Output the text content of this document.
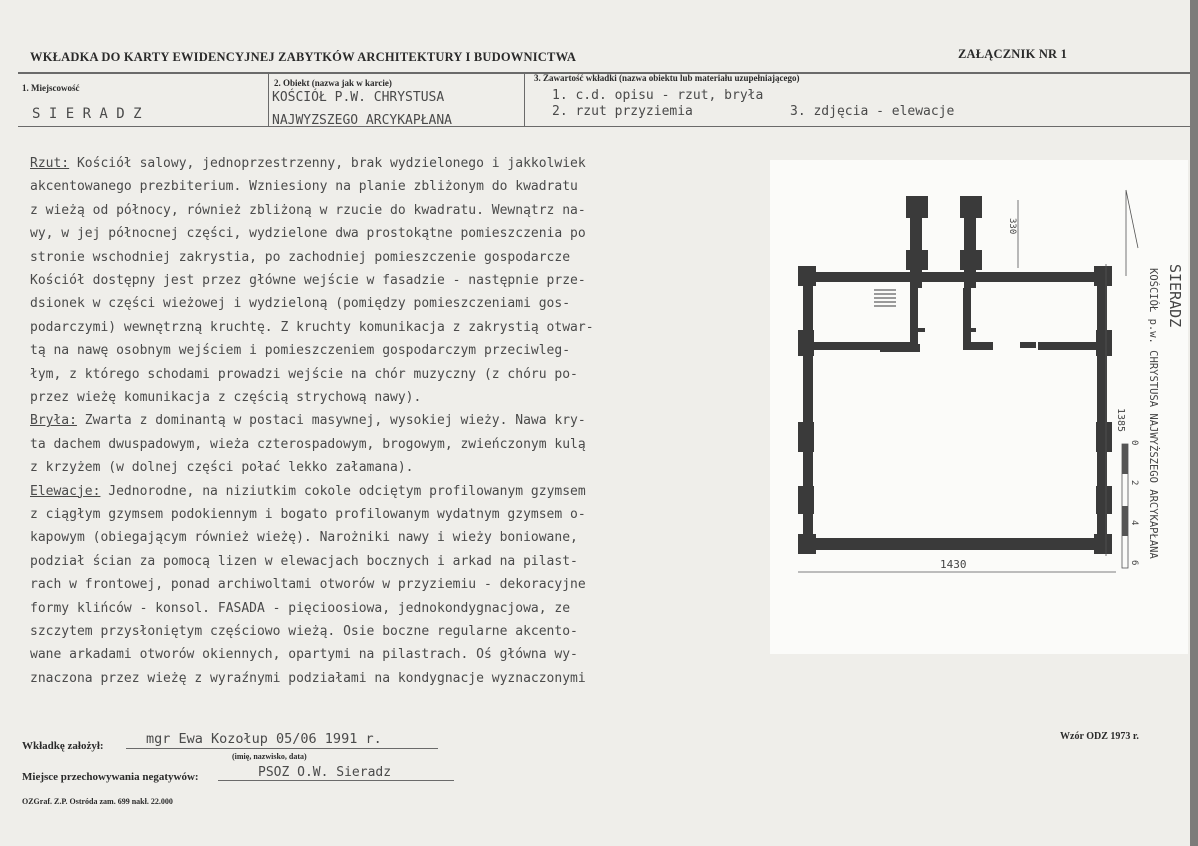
WKŁADKA DO KARTY EWIDENCYJNEJ ZABYTKÓW ARCHITEKTURY I BUDOWNICTWA	ZAŁĄCZNIK NR 1
1. Miejscowość
S I E R A D Z
2. Obiekt (nazwa jak w karcie)
KOŚCIÓŁ P.W. CHRYSTUSA
NAJWYŻSZEGO ARCYKAPŁANA
3. Zawartość wkładki (nazwa obiektu lub materiału uzupełniającego)
1. c.d. opisu - rzut, bryła
2. rzut przyziemia	3. zdjęcia - elewacje
Rzut: Kościół salowy, jednoprzestrzenny, brak wydzielonego i jakkolwiek
akcentowanego prezbiterium. Wzniesiony na planie zbliżonym do kwadratu
z wieżą od północy, również zbliżoną w rzucie do kwadratu. Wewnątrz na-
wy, w jej północnej części, wydzielone dwa prostokątne pomieszczenia po
stronie wschodniej zakrystia, po zachodniej pomieszczenie gospodarcze
Kościół dostępny jest przez główne wejście w fasadzie - następnie prze-
dsionek w części wieżowej i wydzieloną (pomiędzy pomieszczeniami gos-
podarczymi) wewnętrzną kruchtę. Z kruchty komunikacja z zakrystią otwar-
tą na nawę osobnym wejściem i pomieszczeniem gospodarczym przeciwleg-
łym, z którego schodami prowadzi wejście na chór muzyczny (z chóru po-
przez wieżę komunikacja z częścią strychową nawy).
Bryła: Zwarta z dominantą w postaci masywnej, wysokiej wieży. Nawa kry-
ta dachem dwuspadowym, wieża czterospadowym, brogowym, zwieńczonym kulą
z krzyżem (w dolnej części połać lekko załamana).
Elewacje: Jednorodne, na niziutkim cokole odciętym profilowanym gzymsem
z ciągłym gzymsem podokiennym i bogato profilowanym wydatnym gzymsem o-
kapowym (obiegającym również wieżę). Narożniki nawy i wieży boniowane,
podział ścian za pomocą lizen w elewacjach bocznych i arkad na pilast-
rach w frontowej, ponad archiwoltami otworów w przyziemiu - dekoracyjne
formy klińców - konsol. FASADA - pięcioosiowa, jednokondygnacjowa, ze
szczytem przysłoniętym częściowo wieżą. Osie boczne regularne akcento-
wane arkadami otworów okiennych, opartymi na pilastrach. Oś główna wy-
znaczona przez wieżę z wyraźnymi podziałami na kondygnacje wyznaczonymi
1430
1385
330
0
2
4
6
SIERADZ
KOŚCIÓŁ p.w. CHRYSTUSA NAJWYŻSZEGO ARCYKAPŁANA
Wkładkę założył:	mgr Ewa Kozołup 05/06 1991 r.
(imię, nazwisko, data)
Miejsce przechowywania negatywów:	PSOZ O.W. Sieradz
OZGraf. Z.P. Ostróda zam. 699 nakł. 22.000
Wzór ODZ 1973 r.
